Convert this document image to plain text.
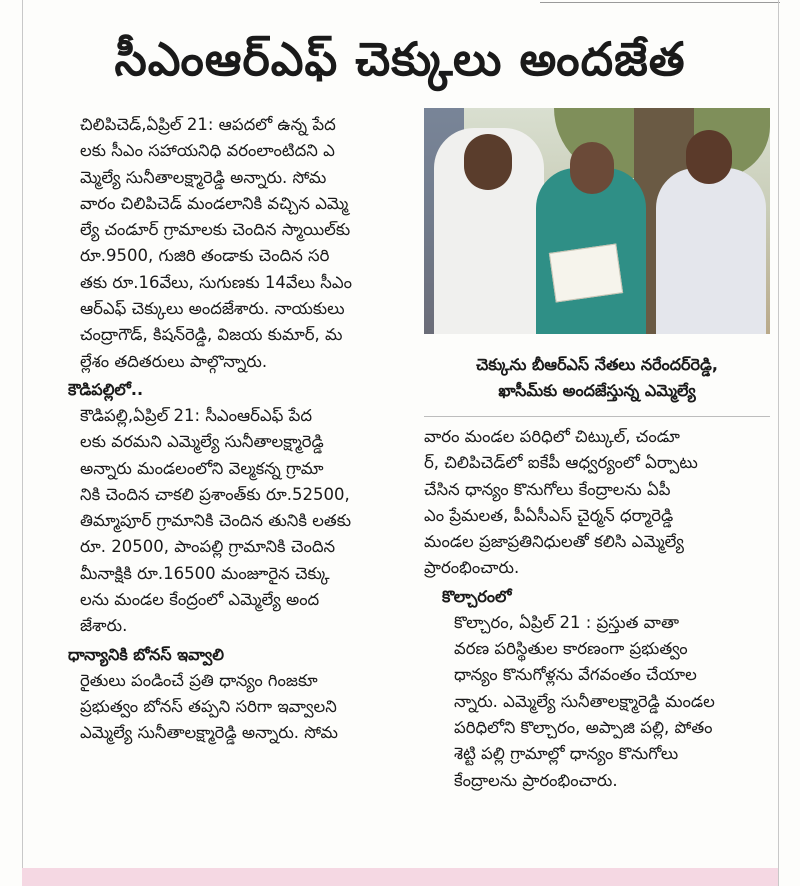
సీఎంఆర్‌ఎఫ్ చెక్కులు అందజేత

చిలిపిచెడ్,ఏప్రిల్ 21: ఆపదలో ఉన్న పేద
లకు సీఎం సహాయనిధి వరంలాంటిదని ఎ
మ్మెల్యే సునీతాలక్ష్మారెడ్డి అన్నారు. సోమ
వారం చిలిపిచెడ్ మండలానికి వచ్చిన ఎమ్మె
ల్యే చండూర్ గ్రామాలకు చెందిన స్మాయిల్‌కు
రూ.9500, గుజిరి తండాకు చెందిన సరి
తకు రూ.16వేలు, సుగుణకు 14వేలు సీఎం
ఆర్‌ఎఫ్ చెక్కులు అందజేశారు. నాయకులు
చంద్రాగౌడ్, కిషన్‌రెడ్డి, విజయ కుమార్, మ
ల్లేశం తదితరులు పాల్గొన్నారు.

కౌడిపల్లిలో..

కౌడిపల్లి,ఏప్రిల్ 21: సీఎంఆర్‌ఎఫ్ పేద
లకు వరమని ఎమ్మెల్యే సునీతాలక్ష్మారెడ్డి
అన్నారు మండలంలోని వెల్మకన్న గ్రామా
నికి చెందిన చాకలి ప్రశాంత్‌కు రూ.52500,
తిమ్మాపూర్ గ్రామానికి చెందిన తునికి లతకు
రూ. 20500, పాంపల్లి గ్రామానికి చెందిన
మీనాక్షికి రూ.16500 మంజూరైన చెక్కు
లను మండల కేంద్రంలో ఎమ్మెల్యే అంద
జేశారు.

ధాన్యానికి బోనస్ ఇవ్వాలి

రైతులు పండించే ప్రతి ధాన్యం గింజకూ
ప్రభుత్వం బోనస్ తప్పని సరిగా ఇవ్వాలని
ఎమ్మెల్యే సునీతాలక్ష్మారెడ్డి అన్నారు. సోమ

చెక్కును బీఆర్ఎస్ నేతలు నరేందర్‌రెడ్డి,
ఖాసీమ్‌కు అందజేస్తున్న ఎమ్మెల్యే

వారం మండల పరిధిలో చిట్కుల్, చండూ
ర్, చిలిపిచెడ్‌లో ఐకేపీ ఆధ్వర్యంలో ఏర్పాటు
చేసిన ధాన్యం కొనుగోలు కేంద్రాలను ఏపీ
ఎం ప్రేమలత, పీఏసీఎస్ చైర్మన్ ధర్మారెడ్డి
మండల ప్రజాప్రతినిధులతో కలిసి ఎమ్మెల్యే
ప్రారంభించారు.

కొల్చారంలో

కొల్చారం, ఏప్రిల్ 21 : ప్రస్తుత వాతా
వరణ పరిస్థితుల కారణంగా ప్రభుత్వం
ధాన్యం కొనుగోళ్లను వేగవంతం చేయాల
న్నారు. ఎమ్మెల్యే సునీతాలక్ష్మారెడ్డి మండల
పరిధిలోని కొల్చారం, అప్పాజి పల్లి, పోతం
శెట్టి పల్లి గ్రామాల్లో ధాన్యం కొనుగోలు
కేంద్రాలను ప్రారంభించారు.
